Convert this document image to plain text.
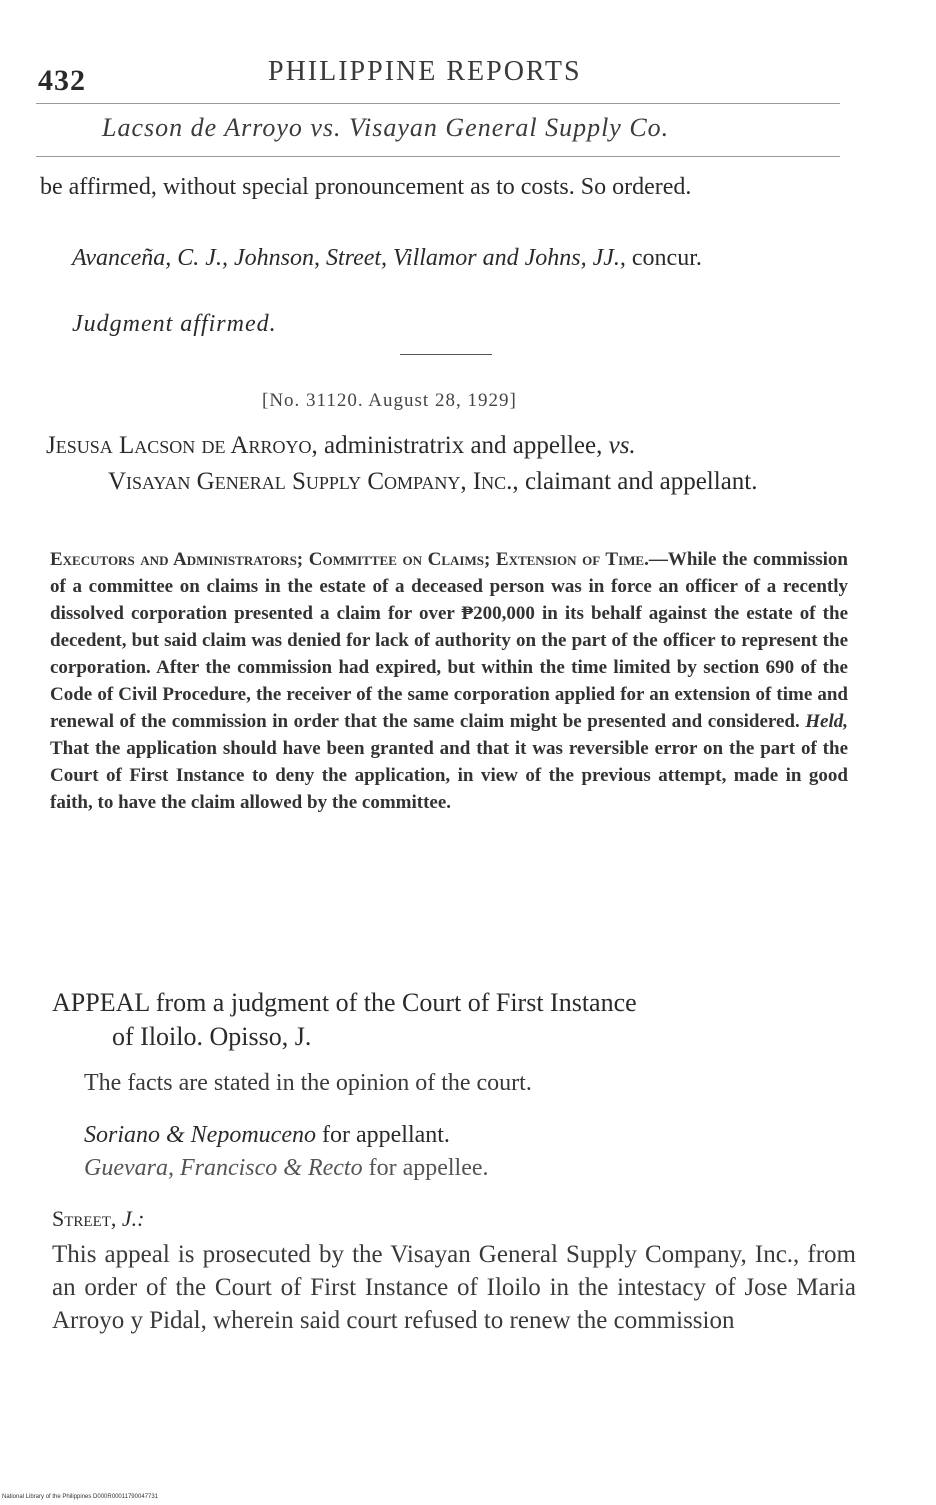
432	PHILIPPINE REPORTS
Lacson de Arroyo vs. Visayan General Supply Co.

be affirmed, without special pronouncement as to costs. So ordered.

Avanceña, C. J., Johnson, Street, Villamor and Johns, JJ., concur.
Judgment affirmed.
[No. 31120. August 28, 1929]
Jesusa Lacson de Arroyo, administratrix and appellee, vs.
Visayan General Supply Company, Inc., claimant and appellant.
Executors and Administrators; Committee on Claims; Extension of Time.—While the commission of a committee on claims in the estate of a deceased person was in force an officer of a recently dissolved corporation presented a claim for over ₱200,000 in its behalf against the estate of the decedent, but said claim was denied for lack of authority on the part of the officer to represent the corporation. After the commission had expired, but within the time limited by section 690 of the Code of Civil Procedure, the receiver of the same corporation applied for an extension of time and renewal of the commission in order that the same claim might be presented and considered. Held, That the application should have been granted and that it was reversible error on the part of the Court of First Instance to deny the application, in view of the previous attempt, made in good faith, to have the claim allowed by the committee.
APPEAL from a judgment of the Court of First Instance
of Iloilo. Opisso, J.
The facts are stated in the opinion of the court.
Soriano & Nepomuceno for appellant.
Guevara, Francisco & Recto for appellee.
Street, J.:

This appeal is prosecuted by the Visayan General Supply Company, Inc., from an order of the Court of First Instance of Iloilo in the intestacy of Jose Maria Arroyo y Pidal, wherein said court refused to renew the commission

National Library of the Philippines D000R00011790047731
